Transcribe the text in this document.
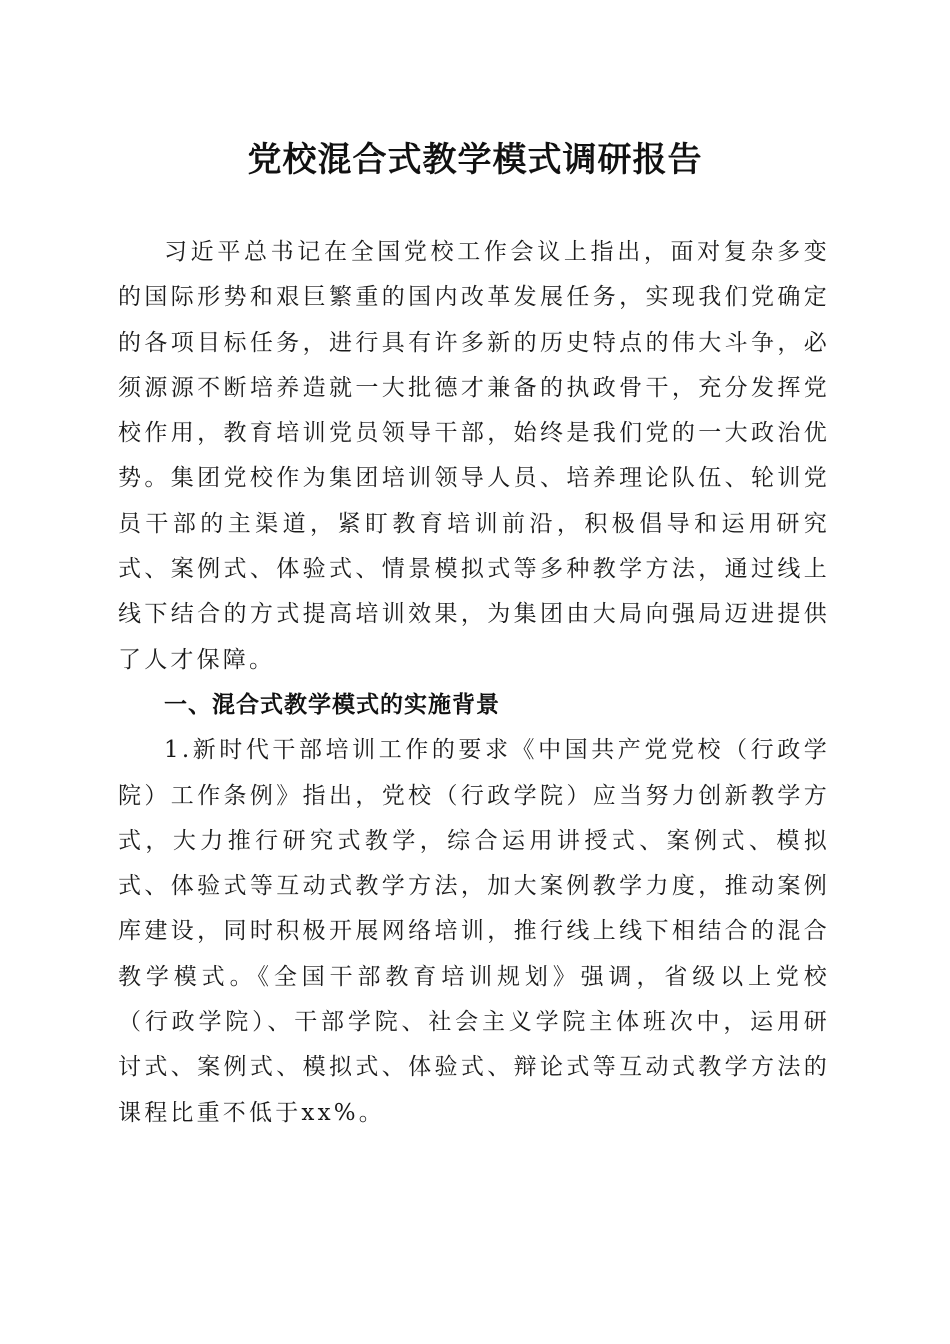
党校混合式教学模式调研报告

习近平总书记在全国党校工作会议上指出，面对复杂多变的国际形势和艰巨繁重的国内改革发展任务，实现我们党确定的各项目标任务，进行具有许多新的历史特点的伟大斗争，必须源源不断培养造就一大批德才兼备的执政骨干，充分发挥党校作用，教育培训党员领导干部，始终是我们党的一大政治优势。集团党校作为集团培训领导人员、培养理论队伍、轮训党员干部的主渠道，紧盯教育培训前沿，积极倡导和运用研究式、案例式、体验式、情景模拟式等多种教学方法，通过线上线下结合的方式提高培训效果，为集团由大局向强局迈进提供了人才保障。

一、混合式教学模式的实施背景

1.新时代干部培训工作的要求《中国共产党党校（行政学院）工作条例》指出，党校（行政学院）应当努力创新教学方式，大力推行研究式教学，综合运用讲授式、案例式、模拟式、体验式等互动式教学方法，加大案例教学力度，推动案例库建设，同时积极开展网络培训，推行线上线下相结合的混合教学模式。《全国干部教育培训规划》强调，省级以上党校（行政学院）、干部学院、社会主义学院主体班次中，运用研讨式、案例式、模拟式、体验式、辩论式等互动式教学方法的课程比重不低于xx%。
